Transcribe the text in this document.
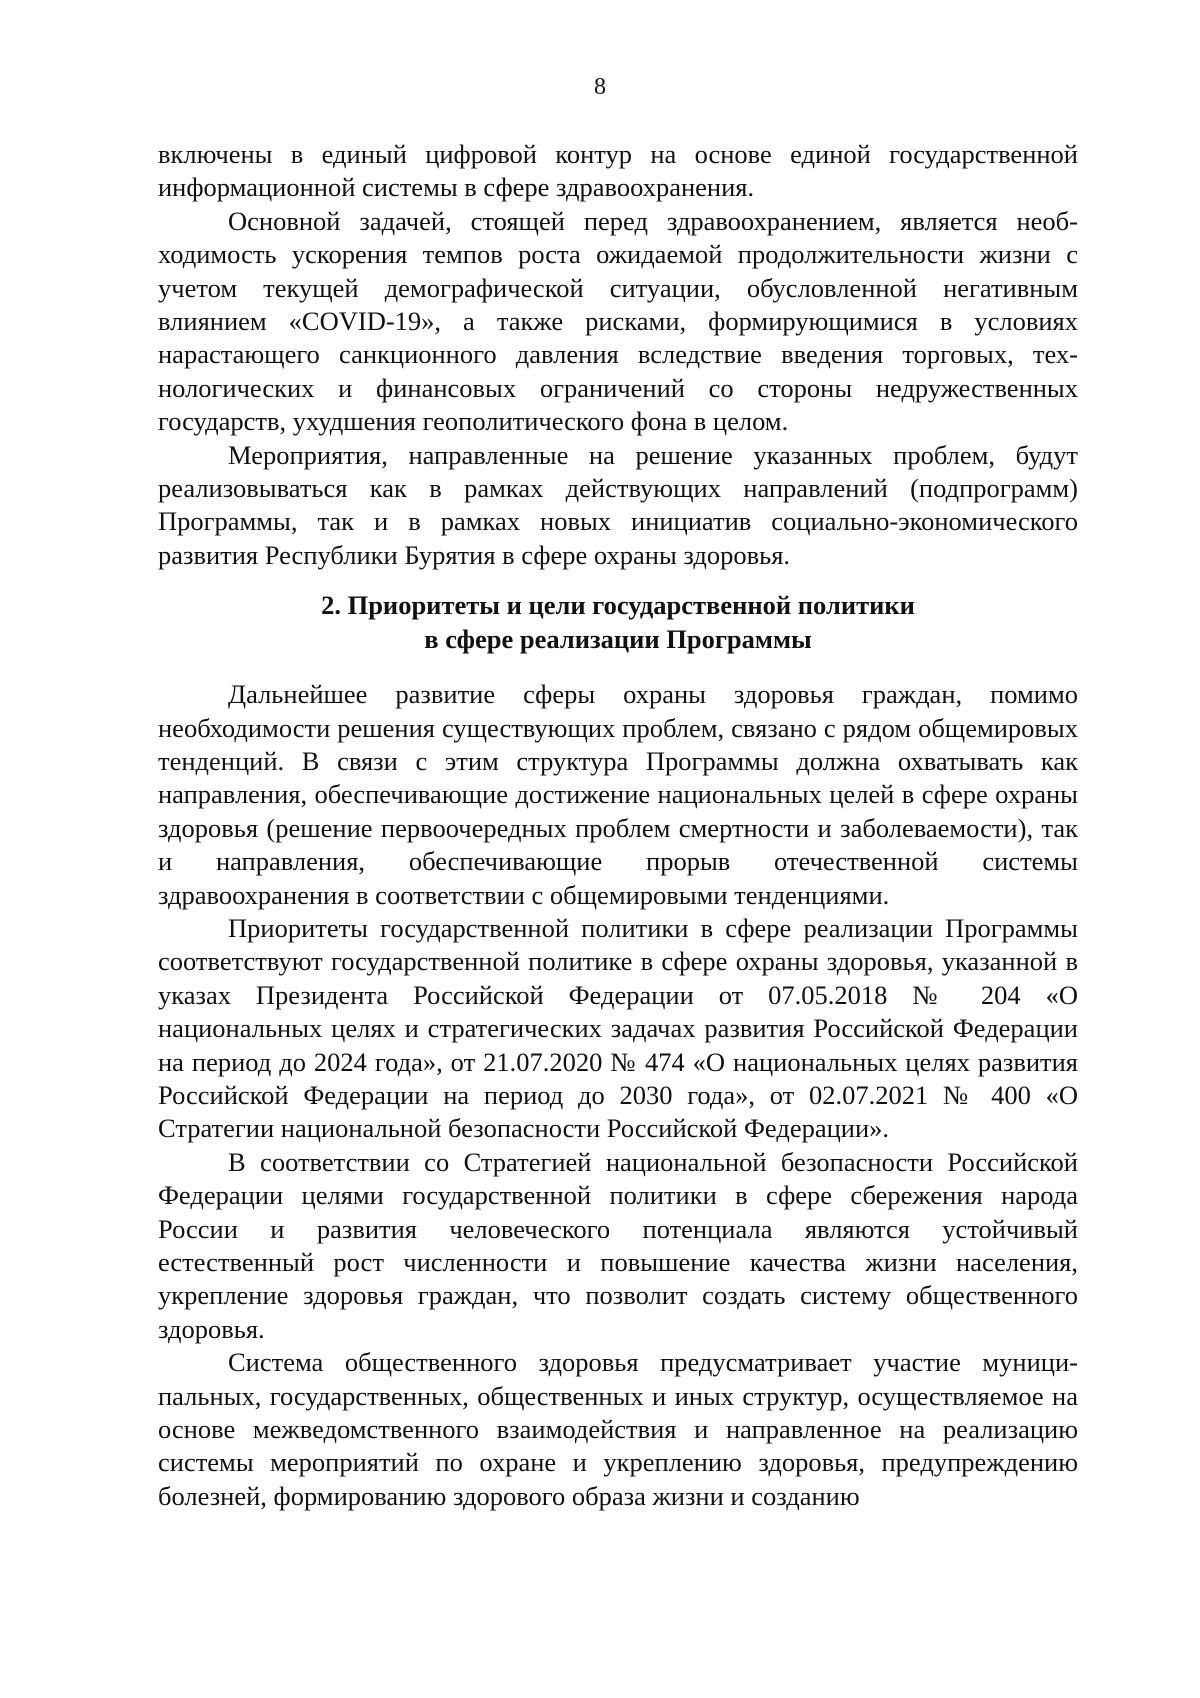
8

включены в единый цифровой контур на основе единой государственной информационной системы в сфере здравоохранения.

Основной задачей, стоящей перед здравоохранением, является необходимость ускорения темпов роста ожидаемой продолжительности жизни с учетом текущей демографической ситуации, обусловленной негативным влиянием «COVID-19», а также рисками, формирующимися в условиях нарастающего санкционного давления вследствие введения торговых, технологических и финансовых ограничений со стороны недружественных государств, ухудшения геополитического фона в целом.

Мероприятия, направленные на решение указанных проблем, будут реализовываться как в рамках действующих направлений (подпрограмм) Программы, так и в рамках новых инициатив социально-экономического развития Республики Бурятия в сфере охраны здоровья.

2. Приоритеты и цели государственной политики
в сфере реализации Программы

Дальнейшее развитие сферы охраны здоровья граждан, помимо необходимости решения существующих проблем, связано с рядом общемировых тенденций. В связи с этим структура Программы должна охватывать как направления, обеспечивающие достижение национальных целей в сфере охраны здоровья (решение первоочередных проблем смертности и заболеваемости), так и направления, обеспечивающие прорыв отечественной системы здравоохранения в соответствии с общемировыми тенденциями.

Приоритеты государственной политики в сфере реализации Программы соответствуют государственной политике в сфере охраны здоровья, указанной в указах Президента Российской Федерации от 07.05.2018 № 204 «О национальных целях и стратегических задачах развития Российской Федерации на период до 2024 года», от 21.07.2020 № 474 «О национальных целях развития Российской Федерации на период до 2030 года», от 02.07.2021 № 400 «О Стратегии национальной безопасности Российской Федерации».

В соответствии со Стратегией национальной безопасности Российской Федерации целями государственной политики в сфере сбережения народа России и развития человеческого потенциала являются устойчивый естественный рост численности и повышение качества жизни населения, укрепление здоровья граждан, что позволит создать систему общественного здоровья.

Система общественного здоровья предусматривает участие муниципальных, государственных, общественных и иных структур, осуществляемое на основе межведомственного взаимодействия и направленное на реализацию системы мероприятий по охране и укреплению здоровья, предупреждению болезней, формированию здорового образа жизни и созданию
